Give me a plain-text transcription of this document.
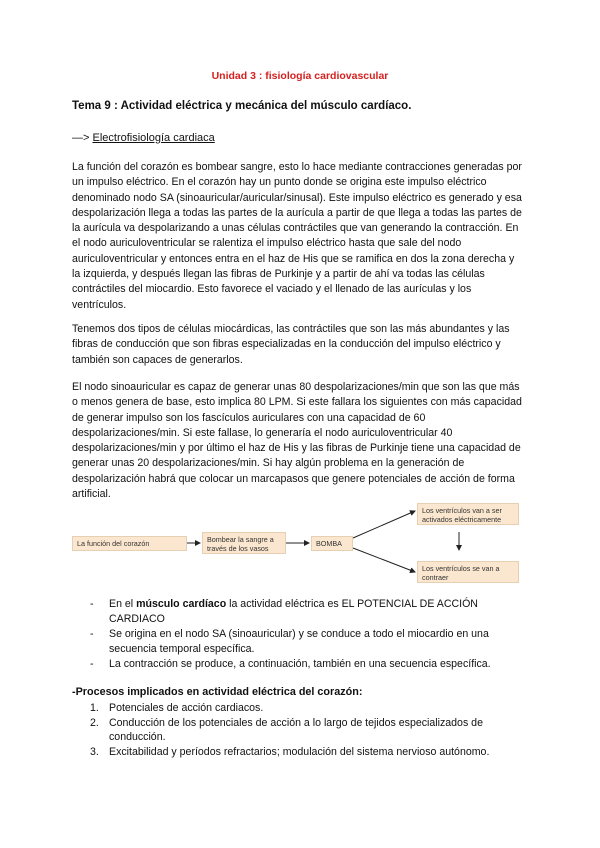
Unidad 3 : fisiología cardiovascular
Tema 9 : Actividad eléctrica y mecánica del músculo cardíaco.
—> Electrofisiología cardiaca

La función del corazón es bombear sangre, esto lo hace mediante contracciones generadas por un impulso eléctrico. En el corazón hay un punto donde se origina este impulso eléctrico denominado nodo SA (sinoauricular/auricular/sinusal). Este impulso eléctrico es generado y esa despolarización llega a todas las partes de la aurícula a partir de que llega a todas las partes de la aurícula va despolarizando a unas células contráctiles que van generando la contracción. En el nodo auriculoventricular se ralentiza el impulso eléctrico hasta que sale del nodo auriculoventricular y entonces entra en el haz de His que se ramifica en dos la zona derecha y la izquierda, y después llegan las fibras de Purkinje y a partir de ahí va todas las células contráctiles del miocardio. Esto favorece el vaciado y el llenado de las aurículas y los ventrículos.

Tenemos dos tipos de células miocárdicas, las contráctiles que son las más abundantes y las fibras de conducción que son fibras especializadas en la conducción del impulso eléctrico y también son capaces de generarlos.

El nodo sinoauricular es capaz de generar unas 80 despolarizaciones/min que son las que más o menos genera de base, esto implica 80 LPM. Si este fallara los siguientes con más capacidad de generar impulso son los fascículos auriculares con una capacidad de 60 despolarizaciones/min. Si este fallase, lo generaría el nodo auriculoventricular 40 despolarizaciones/min y por último el haz de His y las fibras de Purkinje tiene una capacidad de generar unas 20 despolarizaciones/min. Si hay algún problema en la generación de despolarización habrá que colocar un marcapasos que genere potenciales de acción de forma artificial.

La función del corazón	Bombear la sangre a
través de los vasos
BOMBA
Los ventrículos van a ser
activados eléctricamente
Los ventrículos se van a
contraer
- En el músculo cardíaco la actividad eléctrica es EL POTENCIAL DE ACCIÓN CARDIACO
- Se origina en el nodo SA (sinoauricular) y se conduce a todo el miocardio en una secuencia temporal específica.
- La contracción se produce, a continuación, también en una secuencia específica.
-Procesos implicados en actividad eléctrica del corazón:
1. Potenciales de acción cardiacos.
2. Conducción de los potenciales de acción a lo largo de tejidos especializados de conducción.
3. Excitabilidad y períodos refractarios; modulación del sistema nervioso autónomo.
